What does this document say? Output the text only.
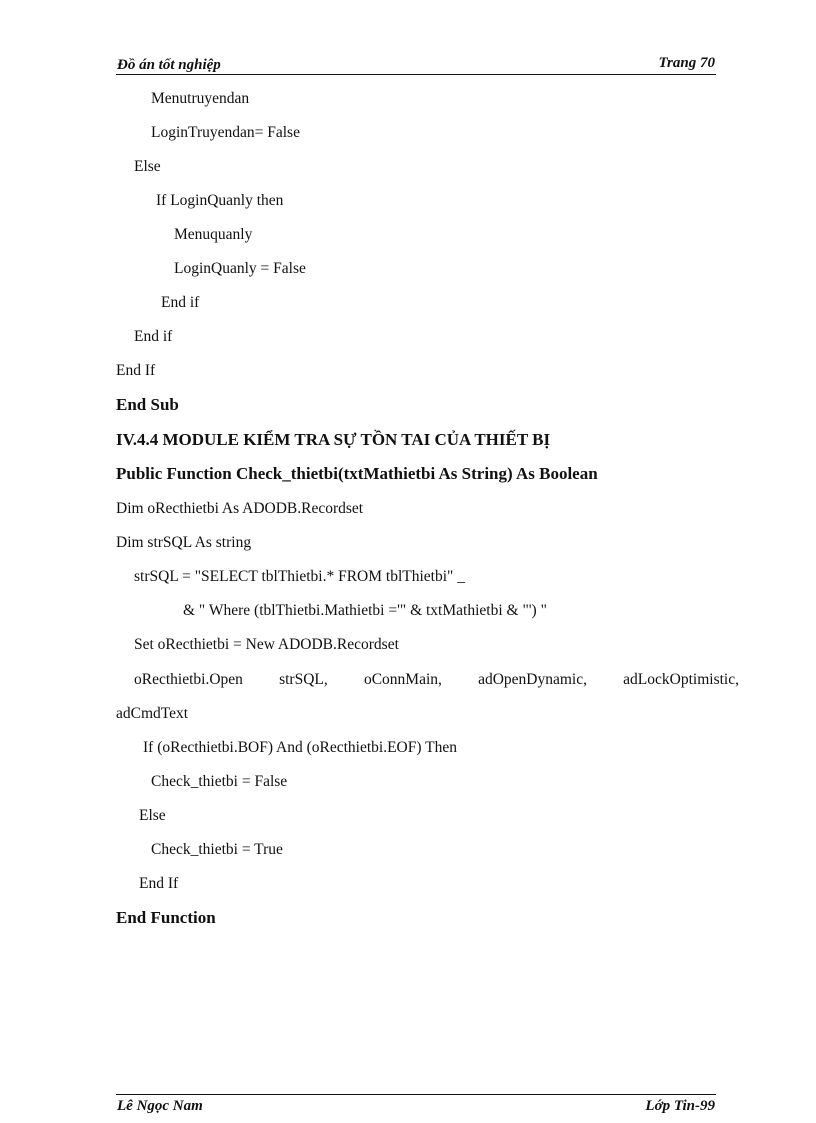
Đồ án tốt nghiệp	Trang 70
Menutruyendan
LoginTruyendan= False
Else
If LoginQuanly then
Menuquanly
LoginQuanly = False
End if
End if
End If
End Sub
IV.4.4 MODULE KIỂM TRA SỰ TỒN TAI CỦA THIẾT BỊ
Public Function Check_thietbi(txtMathietbi As String) As Boolean
Dim oRecthietbi As ADODB.Recordset
Dim strSQL As string
strSQL = "SELECT tblThietbi.* FROM tblThietbi" _
& " Where (tblThietbi.Mathietbi ='" & txtMathietbi & "') "
Set oRecthietbi = New ADODB.Recordset
oRecthietbi.Open strSQL, oConnMain, adOpenDynamic, adLockOptimistic,
adCmdText
If (oRecthietbi.BOF) And (oRecthietbi.EOF) Then
Check_thietbi = False
Else
Check_thietbi = True
End If
End Function
Lê Ngọc Nam	Lớp Tin-99
